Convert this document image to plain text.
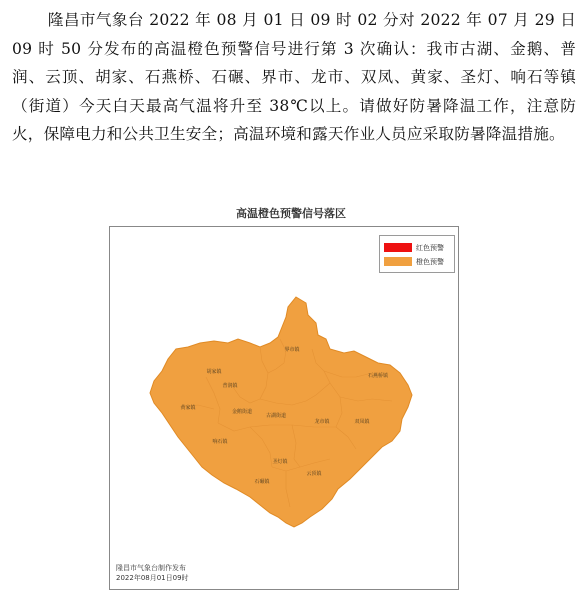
隆昌市气象台 2022 年 08 月 01 日 09 时 02 分对 2022 年 07 月 29 日 09 时 50 分发布的高温橙色预警信号进行第 3 次确认：我市古湖、金鹅、普润、云顶、胡家、石燕桥、石碾、界市、龙市、双凤、黄家、圣灯、响石等镇（街道）今天白天最高气温将升至 38℃以上。请做好防暑降温工作，注意防火，保障电力和公共卫生安全；高温环境和露天作业人员应采取防暑降温措施。

高温橙色预警信号落区
界市镇
胡家镇
普润镇
石燕桥镇
黄家镇
金鹅街道
古湖街道
龙市镇	双凤镇
响石镇
圣灯镇
石碾镇
云顶镇
红色预警
橙色预警
隆昌市气象台制作发布
2022年08月01日09时
